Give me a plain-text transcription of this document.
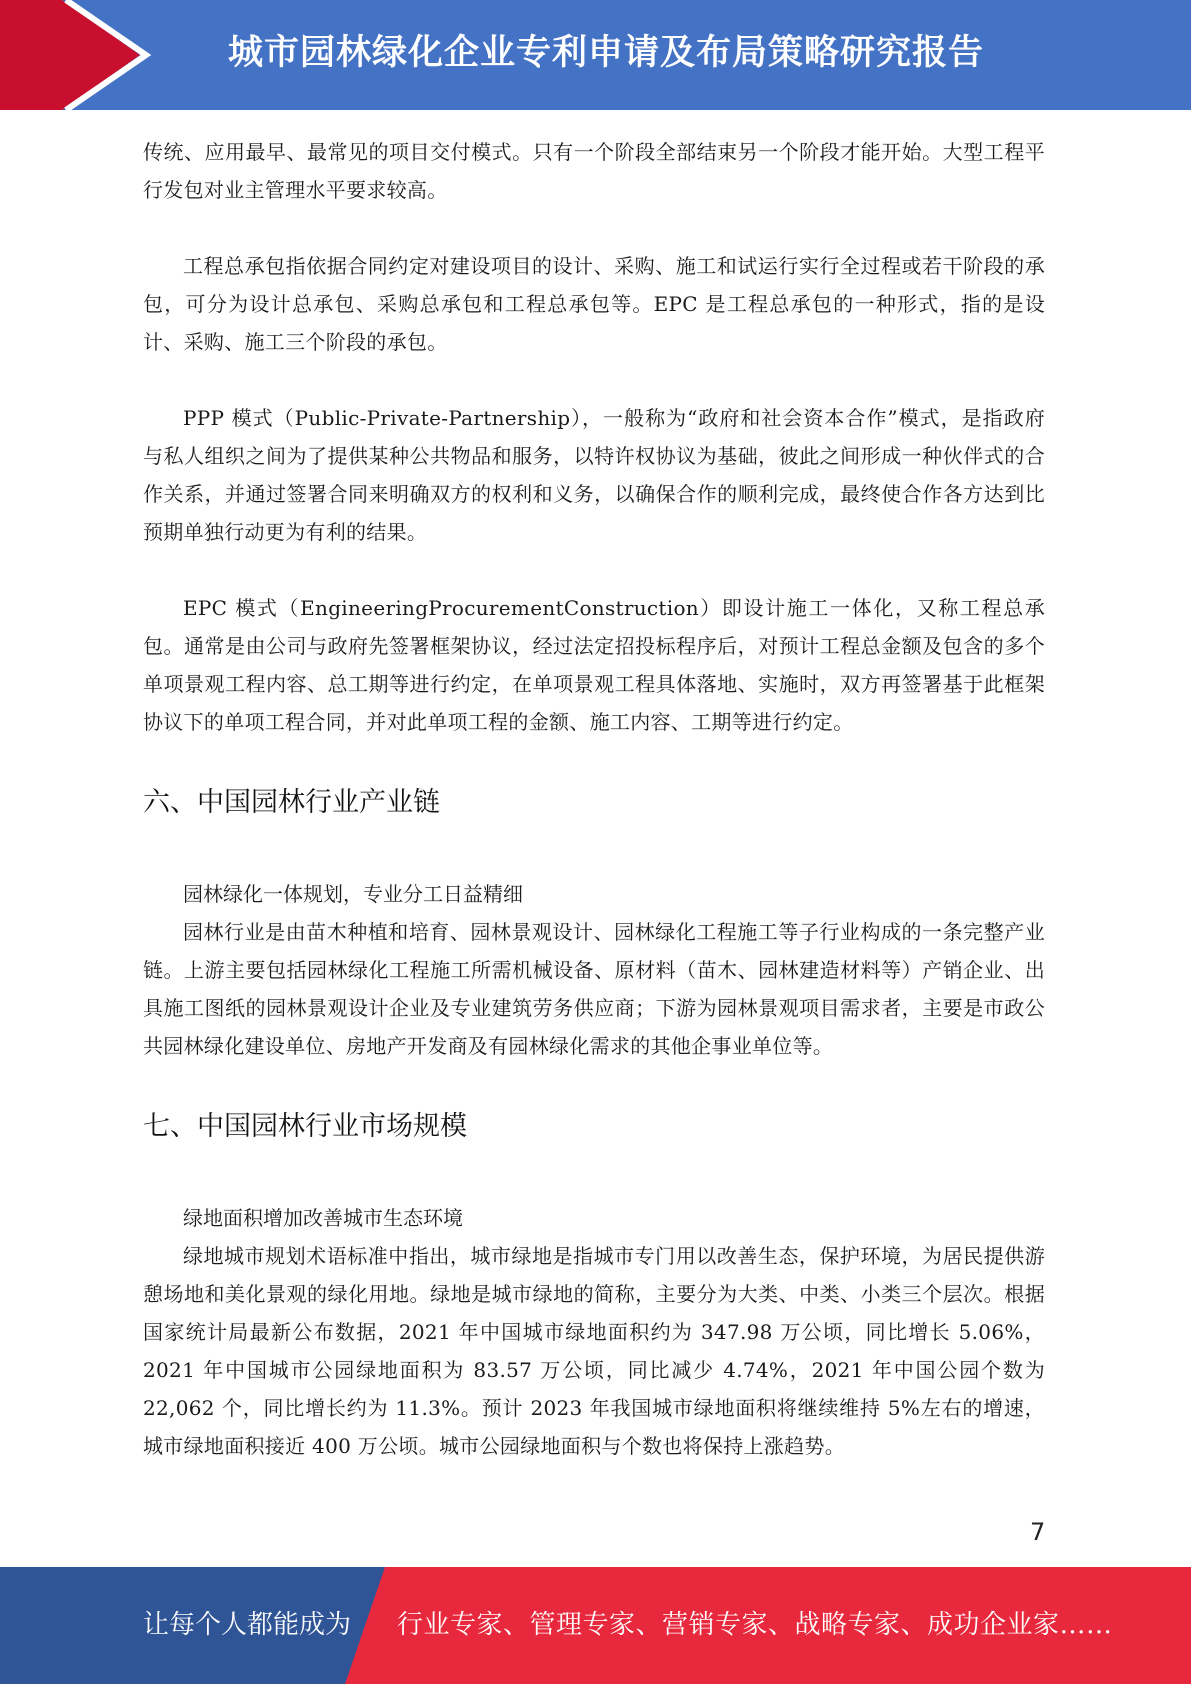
城市园林绿化企业专利申请及布局策略研究报告

传统、应用最早、最常见的项目交付模式。只有一个阶段全部结束另一个阶段才能开始。大型工程平行发包对业主管理水平要求较高。

工程总承包指依据合同约定对建设项目的设计、采购、施工和试运行实行全过程或若干阶段的承包，可分为设计总承包、采购总承包和工程总承包等。EPC 是工程总承包的一种形式，指的是设计、采购、施工三个阶段的承包。

PPP 模式（Public-Private-Partnership），一般称为“政府和社会资本合作”模式，是指政府与私人组织之间为了提供某种公共物品和服务，以特许权协议为基础，彼此之间形成一种伙伴式的合作关系，并通过签署合同来明确双方的权利和义务，以确保合作的顺利完成，最终使合作各方达到比预期单独行动更为有利的结果。

EPC 模式（EngineeringProcurementConstruction）即设计施工一体化，又称工程总承包。通常是由公司与政府先签署框架协议，经过法定招投标程序后，对预计工程总金额及包含的多个单项景观工程内容、总工期等进行约定，在单项景观工程具体落地、实施时，双方再签署基于此框架协议下的单项工程合同，并对此单项工程的金额、施工内容、工期等进行约定。

六、中国园林行业产业链

园林绿化一体规划，专业分工日益精细

园林行业是由苗木种植和培育、园林景观设计、园林绿化工程施工等子行业构成的一条完整产业链。上游主要包括园林绿化工程施工所需机械设备、原材料（苗木、园林建造材料等）产销企业、出具施工图纸的园林景观设计企业及专业建筑劳务供应商；下游为园林景观项目需求者，主要是市政公共园林绿化建设单位、房地产开发商及有园林绿化需求的其他企事业单位等。

七、中国园林行业市场规模

绿地面积增加改善城市生态环境

绿地城市规划术语标准中指出，城市绿地是指城市专门用以改善生态，保护环境，为居民提供游憩场地和美化景观的绿化用地。绿地是城市绿地的简称，主要分为大类、中类、小类三个层次。根据国家统计局最新公布数据，2021 年中国城市绿地面积约为 347.98 万公顷，同比增长 5.06%，2021 年中国城市公园绿地面积为 83.57 万公顷，同比减少 4.74%，2021 年中国公园个数为 22,062 个，同比增长约为 11.3%。预计 2023 年我国城市绿地面积将继续维持 5%左右的增速，城市绿地面积接近 400 万公顷。城市公园绿地面积与个数也将保持上涨趋势。

7
让每个人都能成为 行业专家、管理专家、营销专家、战略专家、成功企业家……
